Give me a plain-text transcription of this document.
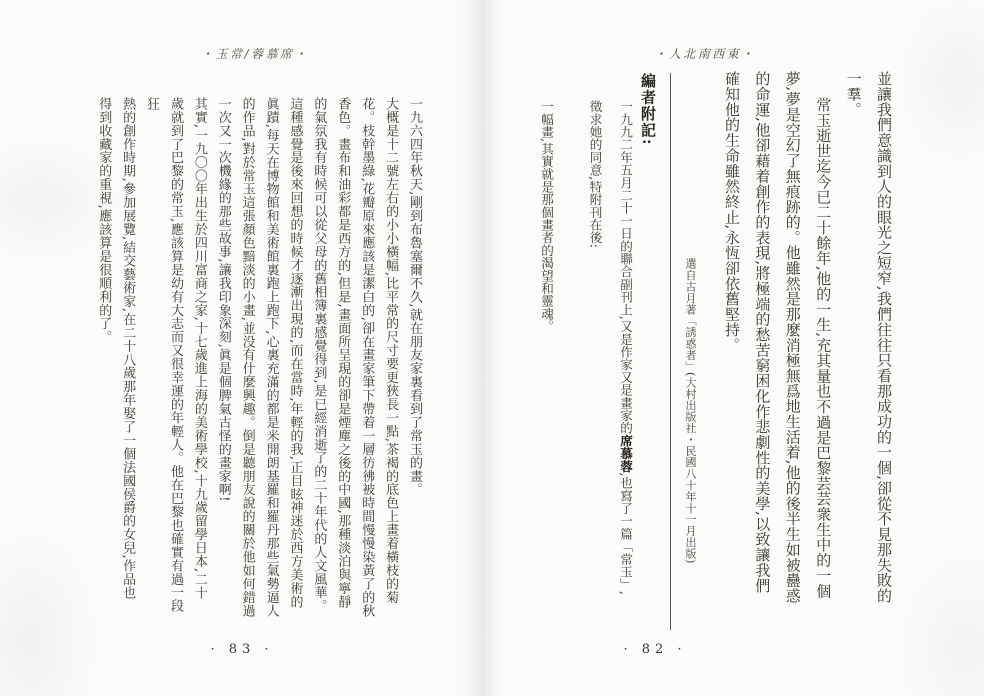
・玉常/蓉慕席・

一九六四年秋天,剛到布魯塞爾不久,就在朋友家裏看到了常玉的畫。

大概是十二號左右的小小橫幅,比平常的尺寸要更狹長一點,茶褐的底色上畫着橫枝的菊

花。枝幹墨綠,花瓣原來應該是潔白的,卻在畫家筆下帶着一層彷彿被時間慢慢染黃了的秋

香色。畫布和油彩都是西方的,但是,畫面所呈現的卻是煙塵之後的中國,那種淡泊與寧靜

的氣氛我有時候可以從父母的舊相簿裏感覺得到,是已經消逝了的二十年代的人文風華。

這種感覺是後來回想的時候才逐漸出現的,而在當時,年輕的我,正目眩神迷於西方美術的

眞蹟,每天在博物館和美術館裏跑上跑下,心裏充滿的都是米開朗基羅和羅丹那些氣勢逼人

的作品,對於常玉這張顏色黯淡的小畫,並没有什麼興趣。倒是聽朋友說的關於他如何錯過

一次又一次機緣的那些故事,讓我印象深刻,眞是個脾氣古怪的畫家啊!

其實,一九〇〇年出生於四川富商之家,十七歲進上海的美術學校,十九歲留學日本,二十

歲就到了巴黎的常玉,應該算是幼有大志而又很幸運的年輕人。他在巴黎也確實有過一段狂

熱的創作時期,參加展覽,結交藝術家,在二十八歲那年娶了一個法國侯爵的女兒,作品也

得到收藏家的重視,應該算是很順利的了。

· 83 ·
・人北南西東・

並讓我們意識到人的眼光之短窄,我們往往只看那成功的一個,卻從不見那失敗的

一羣。

常玉逝世迄今已二十餘年,他的一生,充其量也不過是巴黎芸芸衆生中的一個

夢,夢是空幻了無痕跡的。他雖然是那麼消極無爲地生活着,他的後半生如被蠱惑

的命運,他卻藉着創作的表現,將極端的愁苦窮困化作悲劇性的美學,以致讓我們

確知他的生命雖然終止,永恆卻依舊堅持。

選自古月著「誘惑者」(大村出版社・民國八十年十一月出版)
編者附記:

一九九二年五月二十一日的聯合副刊上,又是作家又是畫家的席慕蓉,也寫了一篇「常玉」,

徵求她的同意,特附刊在後:

一幅畫,其實就是那個畫者的渴望和靈魂。
· 82 ·
